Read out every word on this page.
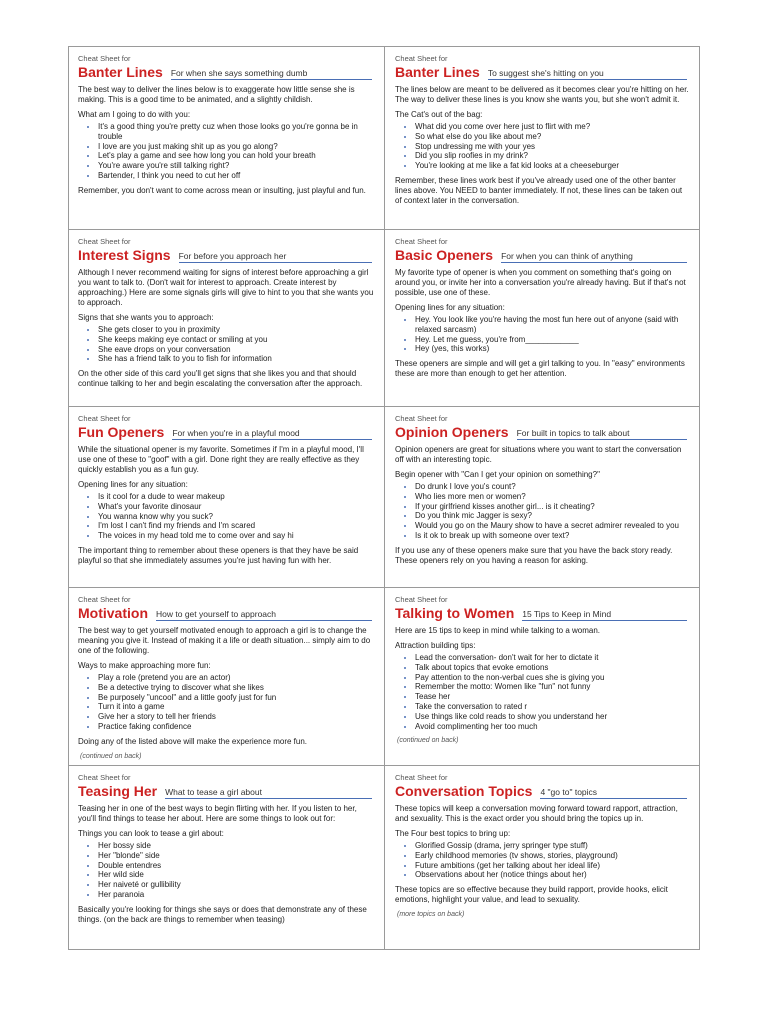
Cheat Sheet for
Banter Lines For when she says something dumb

The best way to deliver the lines below is to exaggerate how little sense she is making. This is a good time to be animated, and a slightly childish.

What am I going to do with you:

• It's a good thing you're pretty cuz when those looks go you're gonna be in trouble
• I love are you just making shit up as you go along?
• Let's play a game and see how long you can hold your breath
• You're aware you're still talking right?
• Bartender, I think you need to cut her off

Remember, you don't want to come across mean or insulting, just playful and fun.

Cheat Sheet for
Banter Lines To suggest she's hitting on you

The lines below are meant to be delivered as it becomes clear you're hitting on her. The way to deliver these lines is you know she wants you, but she won't admit it.

The Cat's out of the bag:

• What did you come over here just to flirt with me?
• So what else do you like about me?
• Stop undressing me with your yes
• Did you slip roofies in my drink?
• You're looking at me like a fat kid looks at a cheeseburger

Remember, these lines work best if you've already used one of the other banter lines above. You NEED to banter immediately. If not, these lines can be taken out of context later in the conversation.

Cheat Sheet for
Interest Signs For before you approach her

Although I never recommend waiting for signs of interest before approaching a girl you want to talk to. (Don't wait for interest to approach. Create interest by approaching.) Here are some signals girls will give to hint to you that she wants you to approach.

Signs that she wants you to approach:

• She gets closer to you in proximity
• She keeps making eye contact or smiling at you
• She eave drops on your conversation
• She has a friend talk to you to fish for information

On the other side of this card you'll get signs that she likes you and that should continue talking to her and begin escalating the conversation after the approach.

Cheat Sheet for
Basic Openers For when you can think of anything

My favorite type of opener is when you comment on something that's going on around you, or invite her into a conversation you're already having. But if that's not possible, use one of these.

Opening lines for any situation:

• Hey. You look like you're having the most fun here out of anyone (said with relaxed sarcasm)
• Hey. Let me guess, you're from____________
• Hey (yes, this works)

These openers are simple and will get a girl talking to you. In "easy" environments these are more than enough to get her attention.

Cheat Sheet for
Fun Openers For when you're in a playful mood

While the situational opener is my favorite. Sometimes if I'm in a playful mood, I'll use one of these to "goof" with a girl. Done right they are really effective as they quickly establish you as a fun guy.

Opening lines for any situation:

• Is it cool for a dude to wear makeup
• What's your favorite dinosaur
• You wanna know why you suck?
• I'm lost I can't find my friends and I'm scared
• The voices in my head told me to come over and say hi

The important thing to remember about these openers is that they have be said playful so that she immediately assumes you're just having fun with her.

Cheat Sheet for
Opinion Openers For built in topics to talk about

Opinion openers are great for situations where you want to start the conversation off with an interesting topic.

Begin opener with "Can I get your opinion on something?"

• Do drunk I love you's count?
• Who lies more men or women?
• If your girlfriend kisses another girl... is it cheating?
• Do you think mic Jagger is sexy?
• Would you go on the Maury show to have a secret admirer revealed to you
• Is it ok to break up with someone over text?

If you use any of these openers make sure that you have the back story ready. These openers rely on you having a reason for asking.

Cheat Sheet for
Motivation How to get yourself to approach

The best way to get yourself motivated enough to approach a girl is to change the meaning you give it. Instead of making it a life or death situation... simply aim to do one of the following.

Ways to make approaching more fun:

• Play a role (pretend you are an actor)
• Be a detective trying to discover what she likes
• Be purposely "uncool" and a little goofy just for fun
• Turn it into a game
• Give her a story to tell her friends
• Practice faking confidence

Doing any of the listed above will make the experience more fun.

(continued on back)
Cheat Sheet for
Talking to Women 15 Tips to Keep in Mind

Here are 15 tips to keep in mind while talking to a woman.

Attraction building tips:

• Lead the conversation- don't wait for her to dictate it
• Talk about topics that evoke emotions
• Pay attention to the non-verbal cues she is giving you
• Remember the motto: Women like "fun" not funny
• Tease her
• Take the conversation to rated r
• Use things like cold reads to show you understand her
• Avoid complimenting her too much
(continued on back)
Cheat Sheet for
Teasing Her What to tease a girl about

Teasing her in one of the best ways to begin flirting with her. If you listen to her, you'll find things to tease her about. Here are some things to look out for:

Things you can look to tease a girl about:

• Her bossy side
• Her "blonde" side
• Double entendres
• Her wild side
• Her naiveté or gullibility
• Her paranoia

Basically you're looking for things she says or does that demonstrate any of these things. (on the back are things to remember when teasing)

Cheat Sheet for
Conversation Topics 4 "go to" topics

These topics will keep a conversation moving forward toward rapport, attraction, and sexuality. This is the exact order you should bring the topics up in.

The Four best topics to bring up:

• Glorified Gossip (drama, jerry springer type stuff)
• Early childhood memories (tv shows, stories, playground)
• Future ambitions (get her talking about her ideal life)
• Observations about her (notice things about her)

These topics are so effective because they build rapport, provide hooks, elicit emotions, highlight your value, and lead to sexuality.

(more topics on back)
